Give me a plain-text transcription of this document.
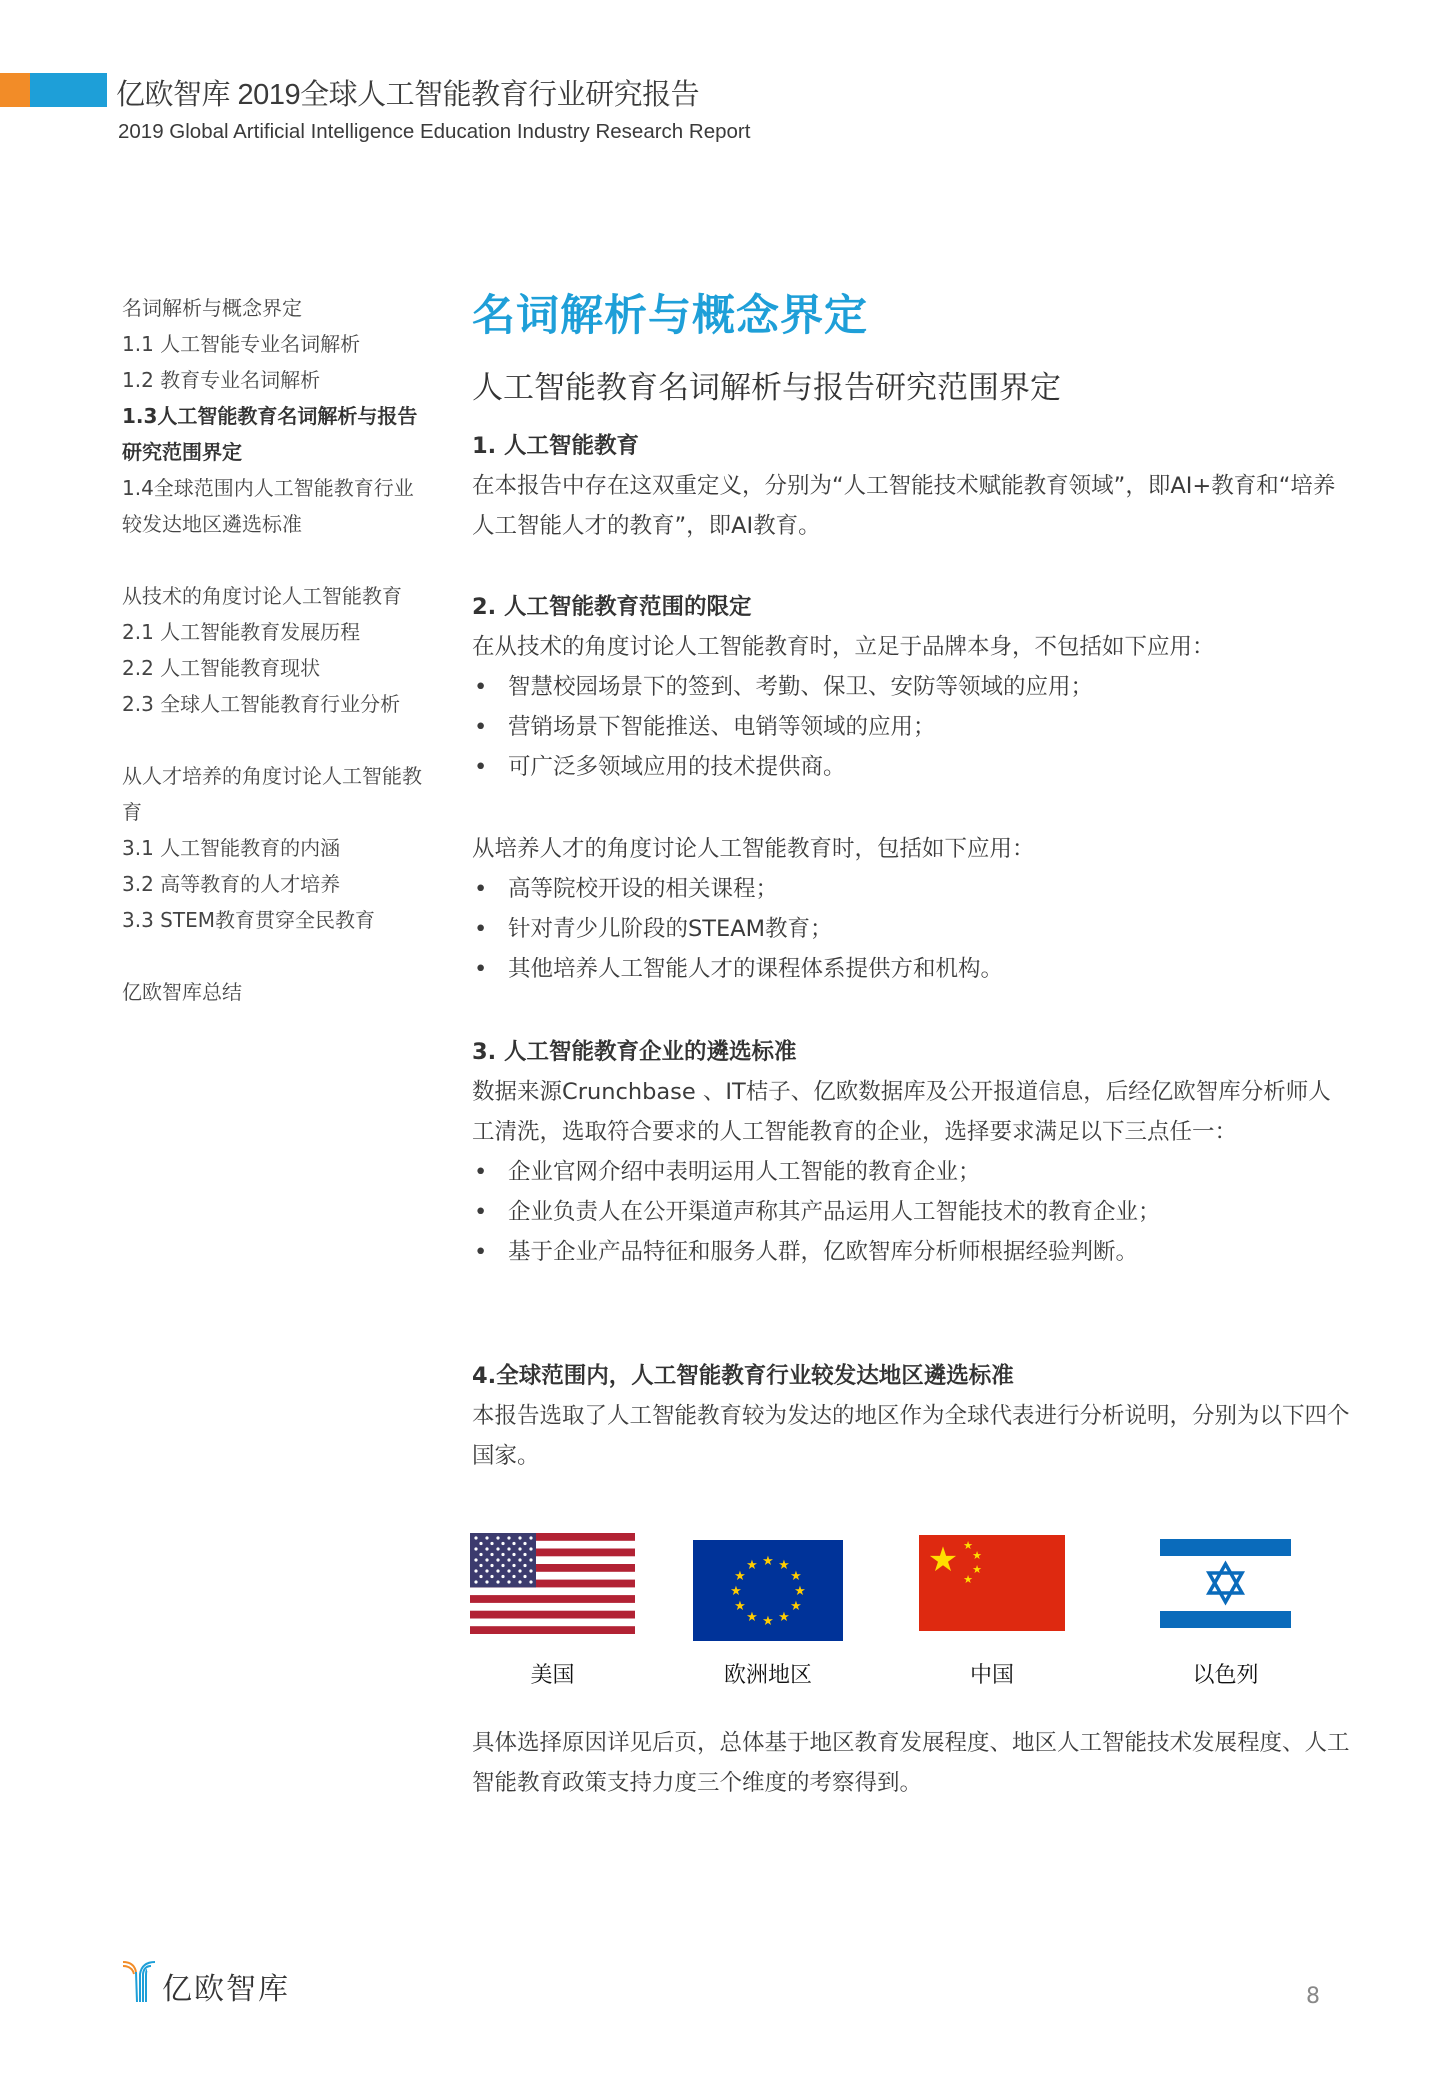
亿欧智库 2019全球人工智能教育行业研究报告
2019 Global Artificial Intelligence Education Industry Research Report
名词解析与概念界定
1.1 人工智能专业名词解析
1.2 教育专业名词解析
1.3人工智能教育名词解析与报告研究范围界定
1.4全球范围内人工智能教育行业较发达地区遴选标准
从技术的角度讨论人工智能教育
2.1 人工智能教育发展历程
2.2 人工智能教育现状
2.3 全球人工智能教育行业分析
从人才培养的角度讨论人工智能教育
3.1 人工智能教育的内涵
3.2 高等教育的人才培养
3.3 STEM教育贯穿全民教育
亿欧智库总结
名词解析与概念界定
人工智能教育名词解析与报告研究范围界定
1. 人工智能教育
在本报告中存在这双重定义，分别为“人工智能技术赋能教育领域”，即AI+教育和“培养人工智能人才的教育”，即AI教育。
2. 人工智能教育范围的限定
在从技术的角度讨论人工智能教育时，立足于品牌本身，不包括如下应用：
• 智慧校园场景下的签到、考勤、保卫、安防等领域的应用；
• 营销场景下智能推送、电销等领域的应用；
• 可广泛多领域应用的技术提供商。
从培养人才的角度讨论人工智能教育时，包括如下应用：
• 高等院校开设的相关课程；
• 针对青少儿阶段的STEAM教育；
• 其他培养人工智能人才的课程体系提供方和机构。
3. 人工智能教育企业的遴选标准
数据来源Crunchbase 、IT桔子、亿欧数据库及公开报道信息，后经亿欧智库分析师人工清洗，选取符合要求的人工智能教育的企业，选择要求满足以下三点任一：
• 企业官网介绍中表明运用人工智能的教育企业；
• 企业负责人在公开渠道声称其产品运用人工智能技术的教育企业；
• 基于企业产品特征和服务人群，亿欧智库分析师根据经验判断。
4.全球范围内，人工智能教育行业较发达地区遴选标准
本报告选取了人工智能教育较为发达的地区作为全球代表进行分析说明，分别为以下四个国家。
美国
★ ★
★
★
★
★
★
★
★
★
★
★
欧洲地区
★ ★
★
★
★
中国	以色列
具体选择原因详见后页，总体基于地区教育发展程度、地区人工智能技术发展程度、人工智能教育政策支持力度三个维度的考察得到。
亿欧智库	8
